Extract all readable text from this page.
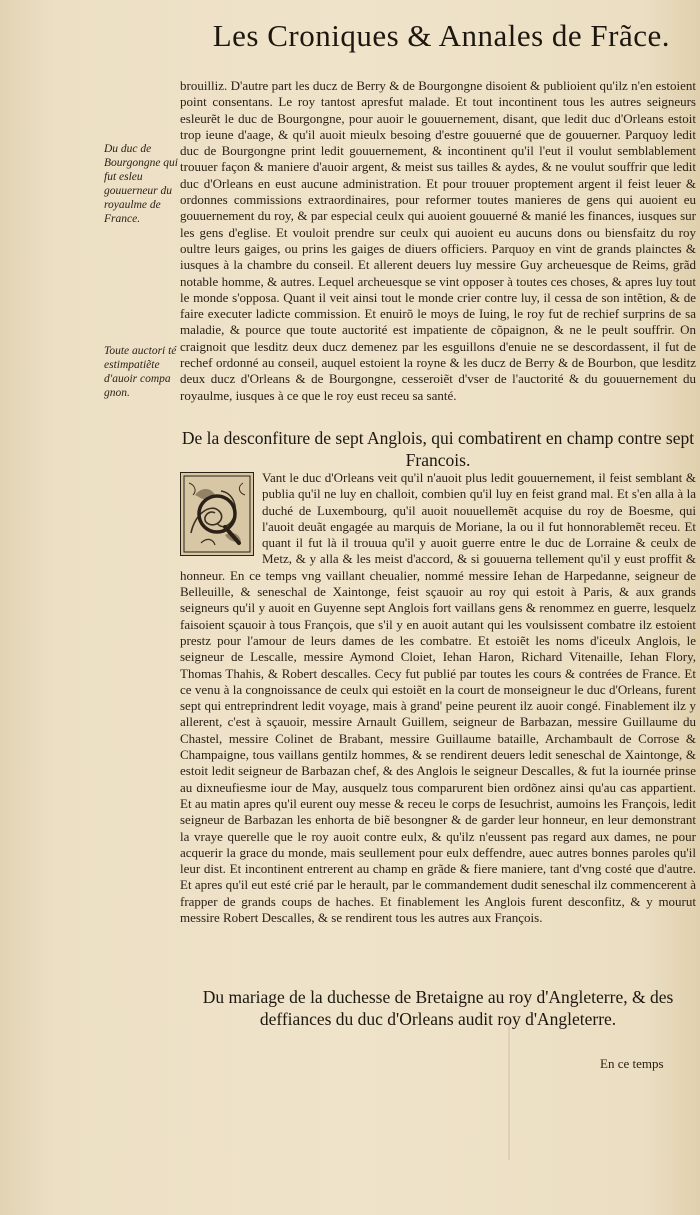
Les Croniques & Annales de Frãce.
Du duc de Bourgongne qui fut esleu gouuerneur du royaulme de France.

brouilliz. D'autre part les ducz de Berry & de Bourgongne disoient & publioient qu'ilz n'en estoient point consentans. Le roy tantost apresfut malade. Et tout incontinent tous les autres seigneurs esleurẽt le duc de Bourgongne, pour auoir le gouuernement, disant, que ledit duc d'Orleans estoit trop ieune d'aage, & qu'il auoit mieulx besoing d'estre gouuerné que de gouuerner. Parquoy ledit duc de Bourgongne print ledit gouuernement, & incontinent qu'il l'eut il voulut semblablement trouuer façon & maniere d'auoir argent, & meist sus tailles & aydes, & ne voulut souffrir que ledit duc d'Orleans en eust aucune administration. Et pour trouuer proptement argent il feist leuer & ordonnes commissions extraordinaires, pour reformer toutes manieres de gens qui auoient eu gouuernement du roy, & par especial ceulx qui auoient gouuerné & manié les finances, iusques sur les gens d'eglise. Et vouloit prendre sur ceulx qui auoient eu aucuns dons ou biensfaitz du roy oultre leurs gaiges, ou prins les gaiges de diuers officiers. Parquoy en vint de grands plainctes & iusques à la chambre du conseil. Et allerent deuers luy messire Guy archeuesque de Reims, grãd notable homme, & autres. Lequel archeuesque se vint opposer à toutes ces choses, & apres luy tout le monde s'opposa. Quant il veit ainsi tout le monde crier contre luy, il cessa de son intẽtion, & de faire executer ladicte commission. Et enuirõ le moys de Iuing, le roy fut de rechief surprins de sa maladie, & pource que toute auctorité est impatiente de cõpaignon, & ne le peult souffrir. On craignoit que lesditz deux ducz demenez par les esguillons d'enuie ne se descordassent, il fut de rechef ordonné au conseil, auquel estoient la royne & les ducz de Berry & de Bourbon, que lesditz deux ducz d'Orleans & de Bourgongne, cesseroiẽt d'vser de l'auctorité & du gouuernement du royaulme, iusques à ce que le roy eust receu sa santé.

Toute auctori té estimpatiẽte d'auoir compa gnon.
De la desconfiture de sept Anglois, qui combatirent en champ contre sept Francois.

Vant le duc d'Orleans veit qu'il n'auoit plus ledit gouuernement, il feist semblant & publia qu'il ne luy en challoit, combien qu'il luy en feist grand mal. Et s'en alla à la duché de Luxembourg, qu'il auoit nouuellemẽt acquise du roy de Boesme, qui l'auoit deuãt engagée au marquis de Moriane, la ou il fut honnorablemẽt receu. Et quant il fut là il trouua qu'il y auoit guerre entre le duc de Lorraine & ceulx de Metz, & y alla & les meist d'accord, & si gouuerna tellement qu'il y eust proffit & honneur. En ce temps vng vaillant cheualier, nommé messire Iehan de Harpedanne, seigneur de Belleuille, & seneschal de Xaintonge, feist sçauoir au roy qui estoit à Paris, & aux grands seigneurs qu'il y auoit en Guyenne sept Anglois fort vaillans gens & renommez en guerre, lesquelz faisoient sçauoir à tous François, que s'il y en auoit autant qui les voulsissent combatre ilz estoient prestz pour l'amour de leurs dames de les combatre. Et estoiẽt les noms d'iceulx Anglois, le seigneur de Lescalle, messire Aymond Cloiet, Iehan Haron, Richard Vitenaille, Iehan Flory, Thomas Thahis, & Robert descalles. Cecy fut publié par toutes les cours & contrées de France. Et ce venu à la congnoissance de ceulx qui estoiẽt en la court de monseigneur le duc d'Orleans, furent sept qui entreprindrent ledit voyage, mais à grand' peine peurent ilz auoir congé. Finablement ilz y allerent, c'est à sçauoir, messire Arnault Guillem, seigneur de Barbazan, messire Guillaume du Chastel, messire Colinet de Brabant, messire Guillaume bataille, Archambault de Corrose & Champaigne, tous vaillans gentilz hommes, & se rendirent deuers ledit seneschal de Xaintonge, & estoit ledit seigneur de Barbazan chef, & des Anglois le seigneur Descalles, & fut la iournée prinse au dixneufiesme iour de May, ausquelz tous comparurent bien ordõnez ainsi qu'au cas appartient. Et au matin apres qu'il eurent ouy messe & receu le corps de Iesuchrist, aumoins les François, ledit seigneur de Barbazan les enhorta de biẽ besongner & de garder leur honneur, en leur demonstrant la vraye querelle que le roy auoit contre eulx, & qu'ilz n'eussent pas regard aux dames, ne pour acquerir la grace du monde, mais seullement pour eulx deffendre, auec autres bonnes paroles qu'il leur dist. Et incontinent entrerent au champ en grãde & fiere maniere, tant d'vng costé que d'autre. Et apres qu'il eut esté crié par le herault, par le commandement dudit seneschal ilz commencerent à frapper de grands coups de haches. Et finablement les Anglois furent desconfitz, & y mourut messire Robert Descalles, & se rendirent tous les autres aux François.

Du mariage de la duchesse de Bretaigne au roy d'Angleterre, & des deffiances du duc d'Orleans audit roy d'Angleterre.
En ce temps
